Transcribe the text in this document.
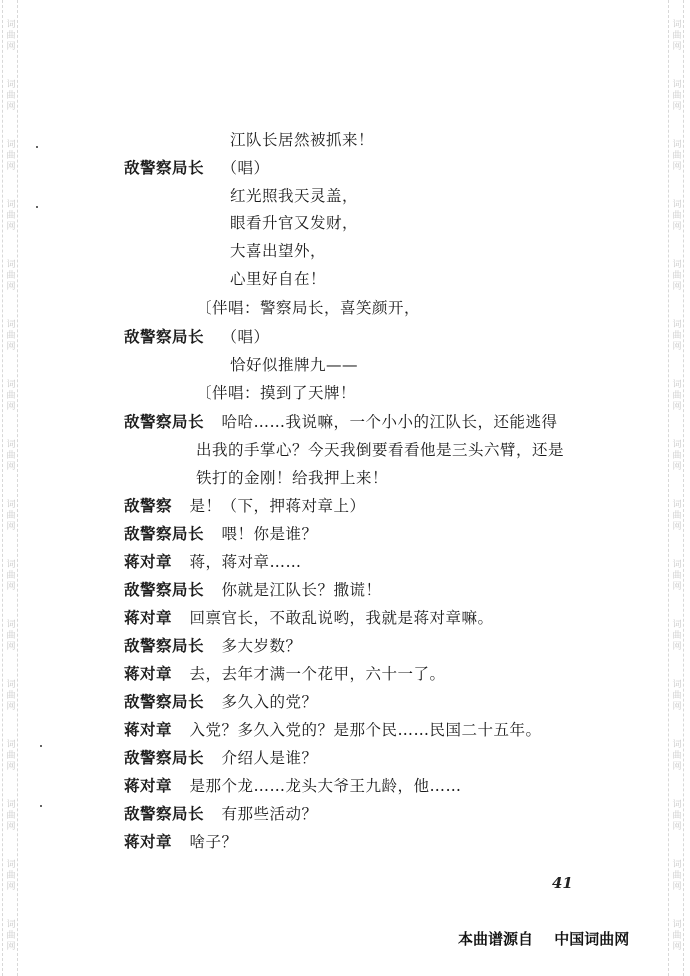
词曲网
词曲网
词曲网
词曲网
词曲网
词曲网
词曲网
词曲网
词曲网
词曲网
词曲网
词曲网
词曲网
词曲网
词曲网
词曲网
词曲网
词曲网
词曲网
词曲网
词曲网
词曲网
词曲网
词曲网
词曲网
词曲网
词曲网
词曲网
词曲网
词曲网
词曲网
词曲网
江队长居然被抓来！
敌警察局长 （唱）
红光照我天灵盖，
眼看升官又发财，
大喜出望外，
心里好自在！
〔伴唱：警察局长，喜笑颜开，
敌警察局长 （唱）
恰好似推牌九——
〔伴唱：摸到了天牌！
敌警察局长 哈哈……我说嘛，一个小小的江队长，还能逃得
出我的手掌心？今天我倒要看看他是三头六臂，还是
铁打的金刚！给我押上来！
敌警察 是！（下，押蒋对章上）
敌警察局长 喂！你是谁？
蒋对章 蒋，蒋对章……
敌警察局长 你就是江队长？撒谎！
蒋对章 回禀官长，不敢乱说哟，我就是蒋对章嘛。
敌警察局长 多大岁数？
蒋对章 去，去年才满一个花甲，六十一了。
敌警察局长 多久入的党？
蒋对章 入党？多久入党的？是那个民……民国二十五年。
敌警察局长 介绍人是谁？
蒋对章 是那个龙……龙头大爷王九龄，他……
敌警察局长 有那些活动？
蒋对章 啥子？
41
本曲谱源自 中国词曲网
